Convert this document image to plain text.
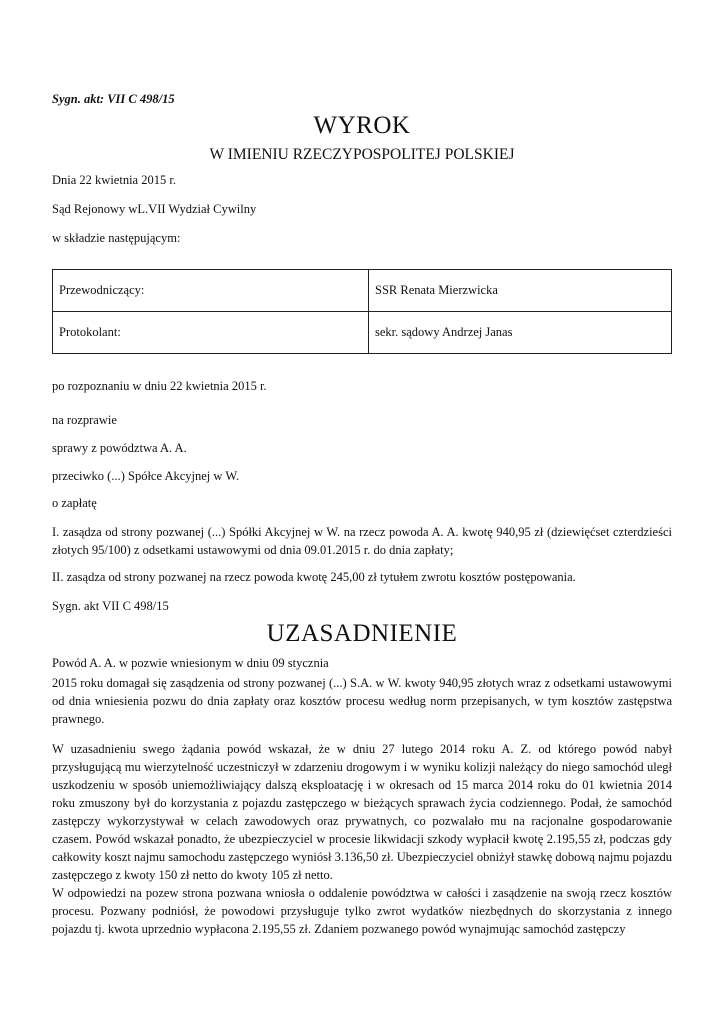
Sygn. akt: VII C 498/15
WYROK
W IMIENIU RZECZYPOSPOLITEJ POLSKIEJ
Dnia 22 kwietnia 2015 r.
Sąd Rejonowy wL.VII Wydział Cywilny
w składzie następującym:
Przewodniczący:	SSR Renata Mierzwicka
Protokolant:	sekr. sądowy Andrzej Janas
po rozpoznaniu w dniu 22 kwietnia 2015 r.
na rozprawie
sprawy z powództwa A. A.
przeciwko (...) Spółce Akcyjnej w W.
o zapłatę
I. zasądza od strony pozwanej (...) Spółki Akcyjnej w W. na rzecz powoda A. A. kwotę 940,95 zł (dziewięćset czterdzieści złotych 95/100) z odsetkami ustawowymi od dnia 09.01.2015 r. do dnia zapłaty;
II. zasądza od strony pozwanej na rzecz powoda kwotę 245,00 zł tytułem zwrotu kosztów postępowania.
Sygn. akt VII C 498/15
UZASADNIENIE
Powód A. A. w pozwie wniesionym w dniu 09 stycznia
2015 roku domagał się zasądzenia od strony pozwanej (...) S.A. w W. kwoty 940,95 złotych wraz z odsetkami ustawowymi od dnia wniesienia pozwu do dnia zapłaty oraz kosztów procesu według norm przepisanych, w tym kosztów zastępstwa prawnego.
W uzasadnieniu swego żądania powód wskazał, że w dniu 27 lutego 2014 roku A. Z. od którego powód nabył przysługującą mu wierzytelność uczestniczył w zdarzeniu drogowym i w wyniku kolizji należący do niego samochód uległ uszkodzeniu w sposób uniemożliwiający dalszą eksploatację i w okresach od 15 marca 2014 roku do 01 kwietnia 2014 roku zmuszony był do korzystania z pojazdu zastępczego w bieżących sprawach życia codziennego. Podał, że samochód zastępczy wykorzystywał w celach zawodowych oraz prywatnych, co pozwalało mu na racjonalne gospodarowanie czasem. Powód wskazał ponadto, że ubezpieczyciel w procesie likwidacji szkody wypłacił kwotę 2.195,55 zł, podczas gdy całkowity koszt najmu samochodu zastępczego wyniósł 3.136,50 zł. Ubezpieczyciel obniżył stawkę dobową najmu pojazdu zastępczego z kwoty 150 zł netto do kwoty 105 zł netto.
W odpowiedzi na pozew strona pozwana wniosła o oddalenie powództwa w całości i zasądzenie na swoją rzecz kosztów procesu. Pozwany podniósł, że powodowi przysługuje tylko zwrot wydatków niezbędnych do skorzystania z innego pojazdu tj. kwota uprzednio wypłacona 2.195,55 zł. Zdaniem pozwanego powód wynajmując samochód zastępczy
